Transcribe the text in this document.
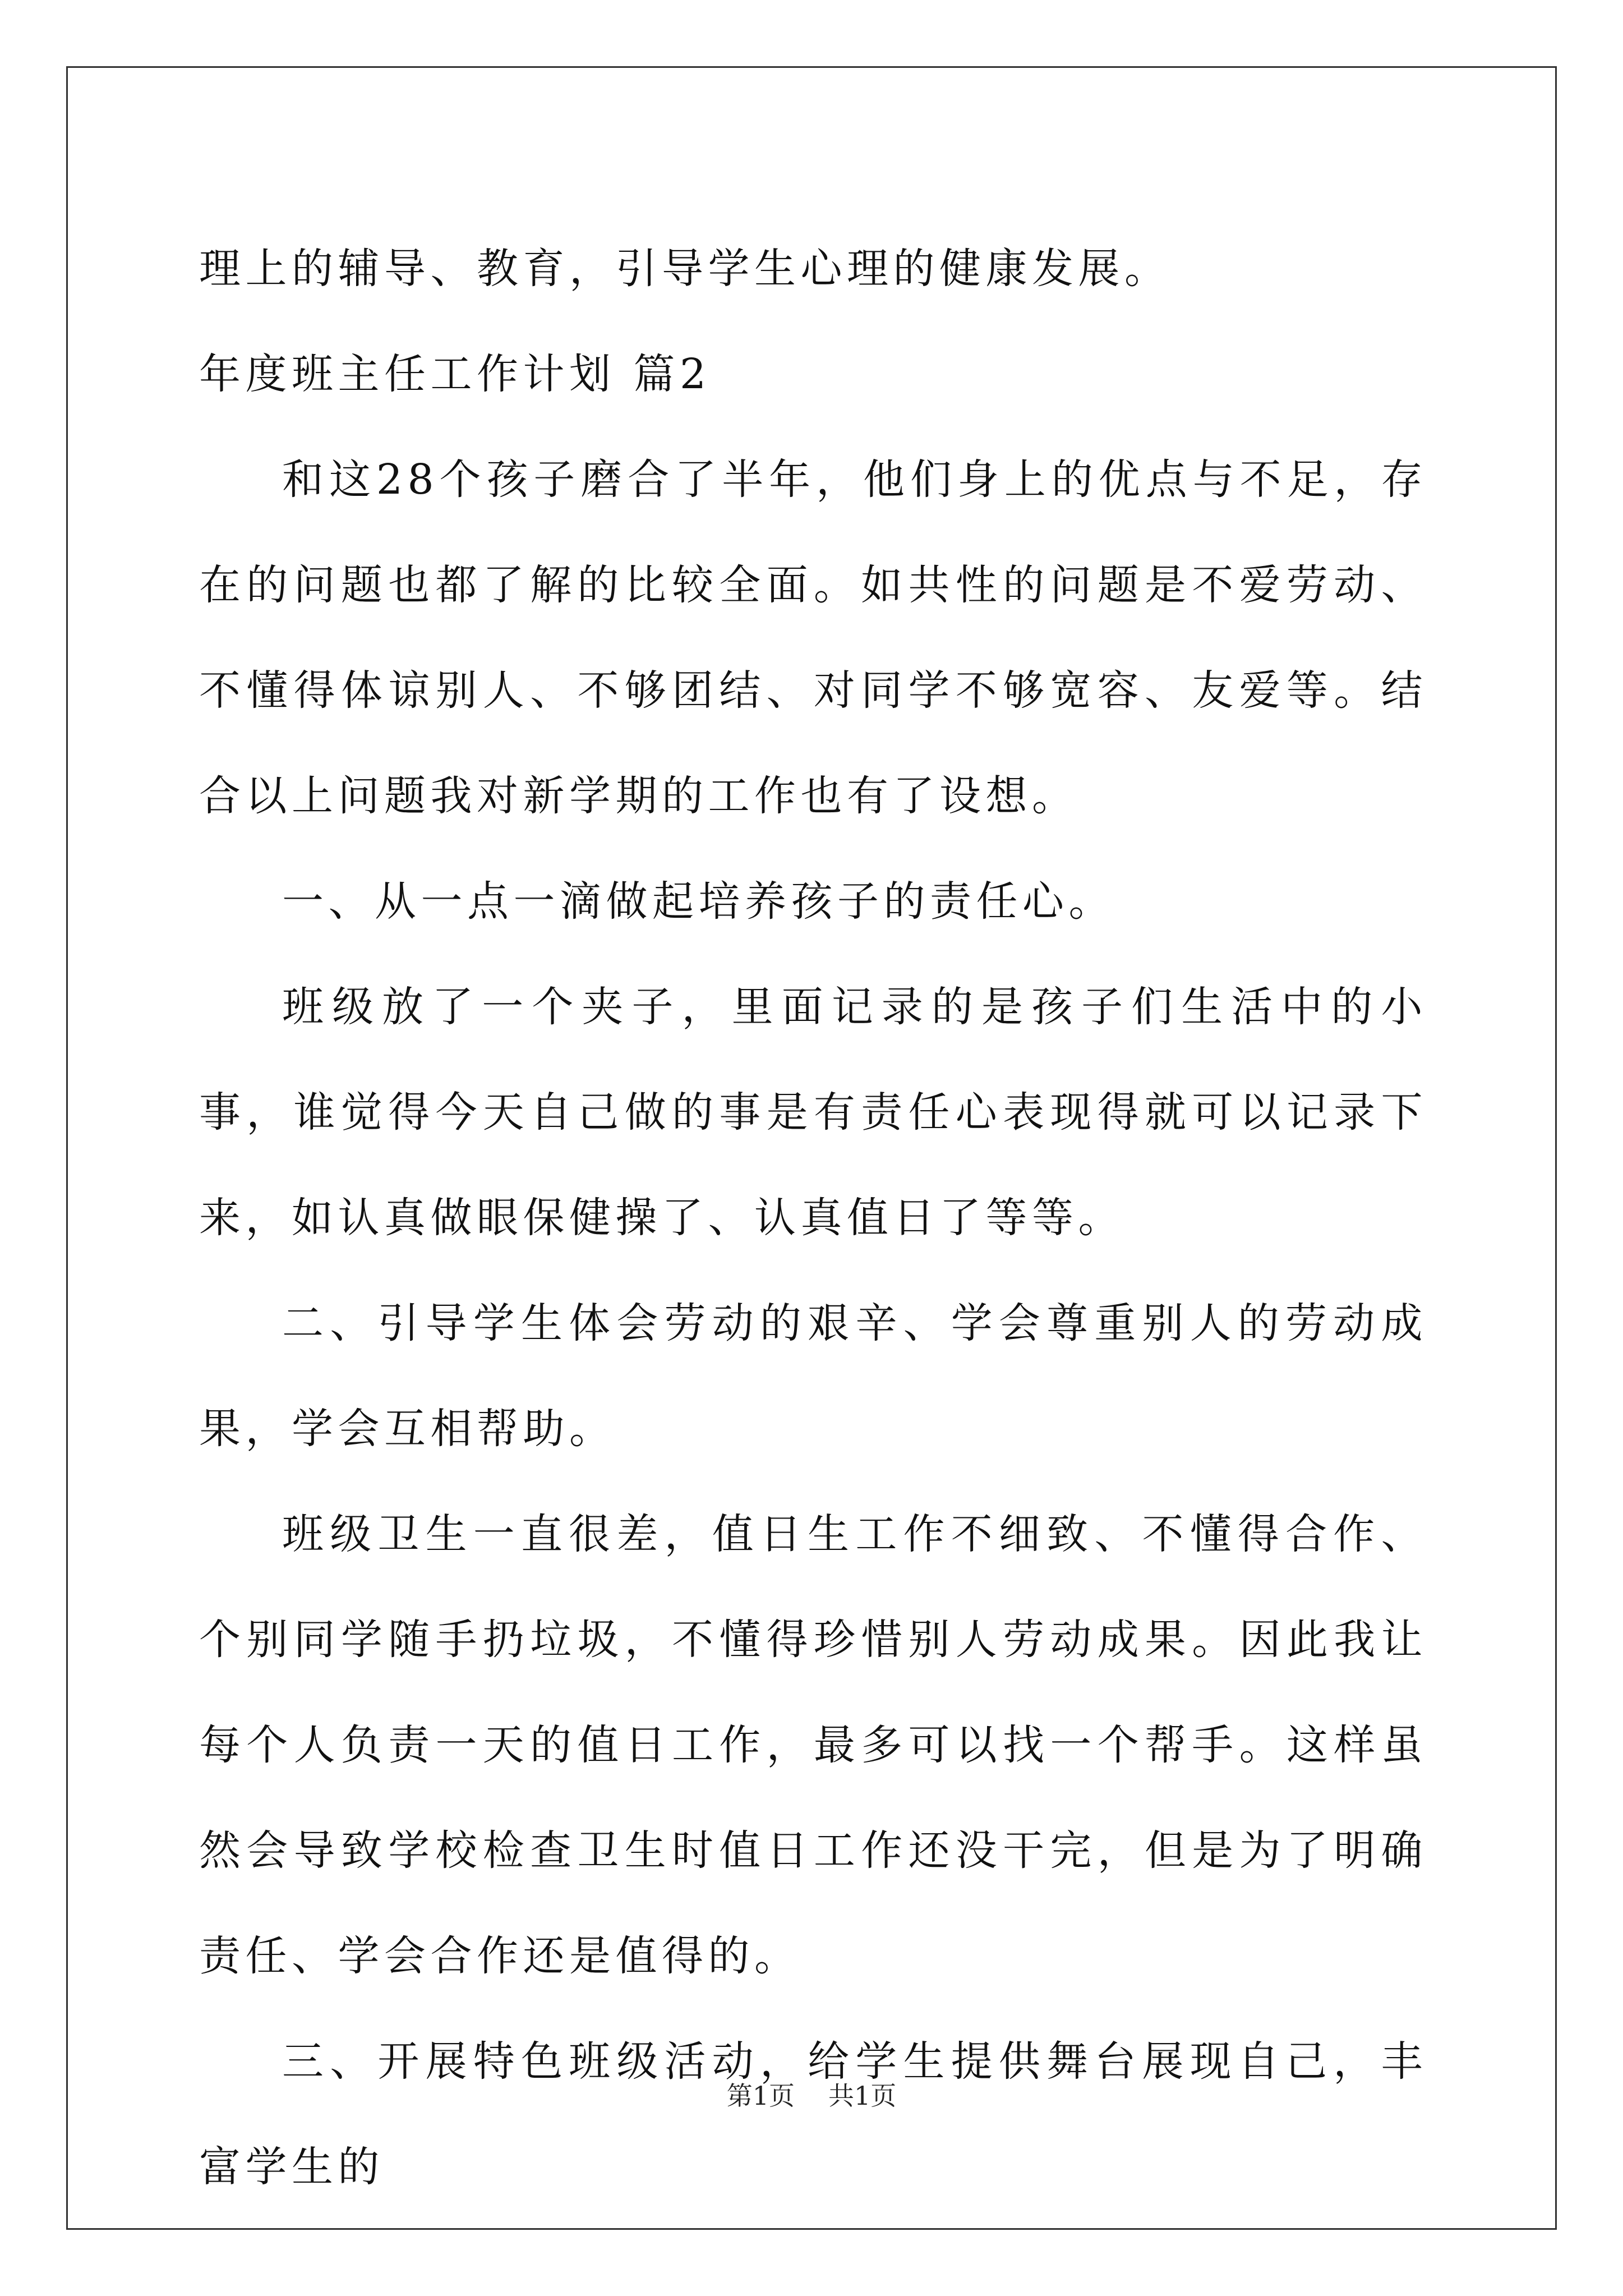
理上的辅导、教育，引导学生心理的健康发展。

年度班主任工作计划 篇2

和这28个孩子磨合了半年，他们身上的优点与不足，存在的问题也都了解的比较全面。如共性的问题是不爱劳动、不懂得体谅别人、不够团结、对同学不够宽容、友爱等。结合以上问题我对新学期的工作也有了设想。

一、从一点一滴做起培养孩子的责任心。

班级放了一个夹子，里面记录的是孩子们生活中的小事，谁觉得今天自己做的事是有责任心表现得就可以记录下来，如认真做眼保健操了、认真值日了等等。

二、引导学生体会劳动的艰辛、学会尊重别人的劳动成果，学会互相帮助。

班级卫生一直很差，值日生工作不细致、不懂得合作、个别同学随手扔垃圾，不懂得珍惜别人劳动成果。因此我让每个人负责一天的值日工作，最多可以找一个帮手。这样虽然会导致学校检查卫生时值日工作还没干完，但是为了明确责任、学会合作还是值得的。

三、开展特色班级活动，给学生提供舞台展现自己，丰富学生的

第1页 共1页
